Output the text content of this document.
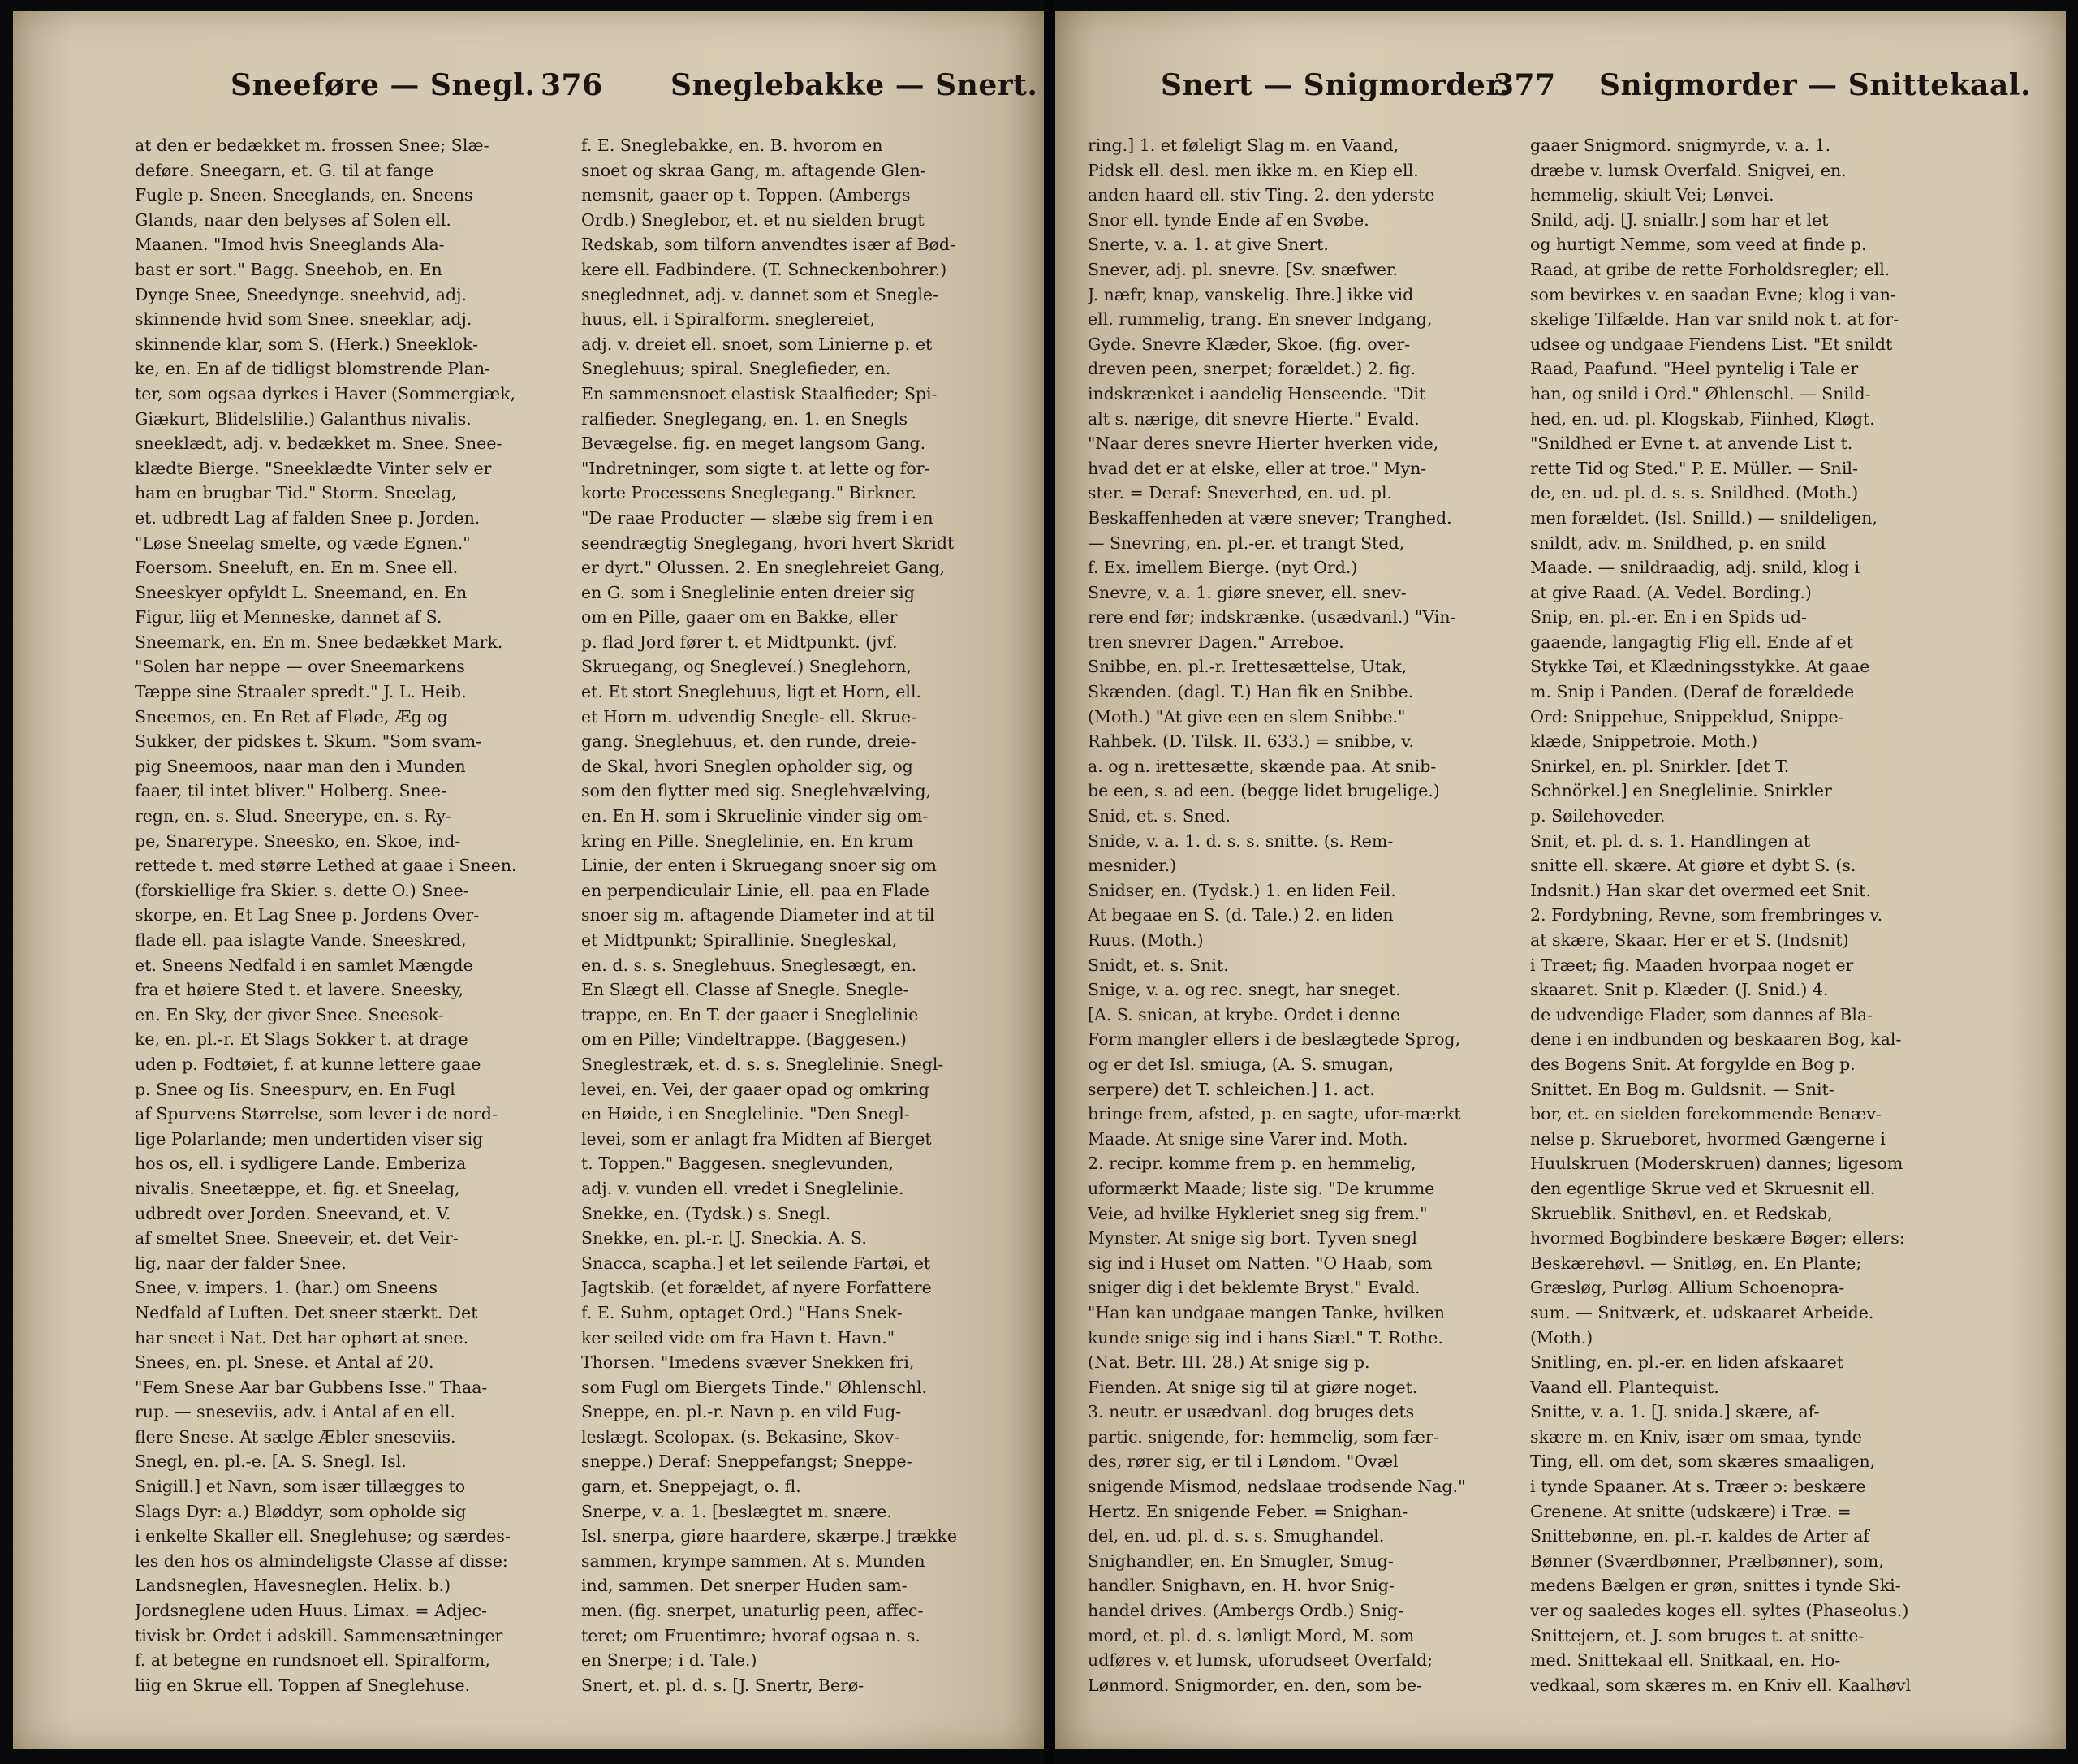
Sneeføre — Snegl. 376 Sneglebakke — Snert.
at den er bedækket m. frossen Snee; Slæ-
deføre. Sneegarn, et. G. til at fange
Fugle p. Sneen. Sneeglands, en. Sneens
Glands, naar den belyses af Solen ell.
Maanen. "Imod hvis Sneeglands Ala-
bast er sort." Bagg. Sneehob, en. En
Dynge Snee, Sneedynge. sneehvid, adj.
skinnende hvid som Snee. sneeklar, adj.
skinnende klar, som S. (Herk.) Sneeklok-
ke, en. En af de tidligst blomstrende Plan-
ter, som ogsaa dyrkes i Haver (Sommergiæk,
Giækurt, Blidelslilie.) Galanthus nivalis.
sneeklædt, adj. v. bedækket m. Snee. Snee-
klædte Bierge. "Sneeklædte Vinter selv er
ham en brugbar Tid." Storm. Sneelag,
et. udbredt Lag af falden Snee p. Jorden.
"Løse Sneelag smelte, og væde Egnen."
Foersom. Sneeluft, en. En m. Snee ell.
Sneeskyer opfyldt L. Sneemand, en. En
Figur, liig et Menneske, dannet af S.
Sneemark, en. En m. Snee bedækket Mark.
"Solen har neppe — over Sneemarkens
Tæppe sine Straaler spredt." J. L. Heib.
Sneemos, en. En Ret af Fløde, Æg og
Sukker, der pidskes t. Skum. "Som svam-
pig Sneemoos, naar man den i Munden
faaer, til intet bliver." Holberg. Snee-
regn, en. s. Slud. Sneerype, en. s. Ry-
pe, Snarerype. Sneesko, en. Skoe, ind-
rettede t. med større Lethed at gaae i Sneen.
(forskiellige fra Skier. s. dette O.) Snee-
skorpe, en. Et Lag Snee p. Jordens Over-
flade ell. paa islagte Vande. Sneeskred,
et. Sneens Nedfald i en samlet Mængde
fra et høiere Sted t. et lavere. Sneesky,
en. En Sky, der giver Snee. Sneesok-
ke, en. pl.-r. Et Slags Sokker t. at drage
uden p. Fodtøiet, f. at kunne lettere gaae
p. Snee og Iis. Sneespurv, en. En Fugl
af Spurvens Størrelse, som lever i de nord-
lige Polarlande; men undertiden viser sig
hos os, ell. i sydligere Lande. Emberiza
nivalis. Sneetæppe, et. fig. et Sneelag,
udbredt over Jorden. Sneevand, et. V.
af smeltet Snee. Sneeveir, et. det Veir-
lig, naar der falder Snee.
Snee, v. impers. 1. (har.) om Sneens
Nedfald af Luften. Det sneer stærkt. Det
har sneet i Nat. Det har ophørt at snee.
Snees, en. pl. Snese. et Antal af 20.
"Fem Snese Aar bar Gubbens Isse." Thaa-
rup. — sneseviis, adv. i Antal af en ell.
flere Snese. At sælge Æbler sneseviis.
Snegl, en. pl.-e. [A. S. Snegl. Isl.
Snigill.] et Navn, som især tillægges to
Slags Dyr: a.) Bløddyr, som opholde sig
i enkelte Skaller ell. Sneglehuse; og særdes-
les den hos os almindeligste Classe af disse:
Landsneglen, Havesneglen. Helix. b.)
Jordsneglene uden Huus. Limax. = Adjec-
tivisk br. Ordet i adskill. Sammensætninger
f. at betegne en rundsnoet ell. Spiralform,
liig en Skrue ell. Toppen af Sneglehuse.
f. E. Sneglebakke, en. B. hvorom en
snoet og skraa Gang, m. aftagende Glen-
nemsnit, gaaer op t. Toppen. (Ambergs
Ordb.) Sneglebor, et. et nu sielden brugt
Redskab, som tilforn anvendtes især af Bød-
kere ell. Fadbindere. (T. Schneckenbohrer.)
sneglednnet, adj. v. dannet som et Snegle-
huus, ell. i Spiralform. sneglereiet,
adj. v. dreiet ell. snoet, som Linierne p. et
Sneglehuus; spiral. Sneglefieder, en.
En sammensnoet elastisk Staalfieder; Spi-
ralfieder. Sneglegang, en. 1. en Snegls
Bevægelse. fig. en meget langsom Gang.
"Indretninger, som sigte t. at lette og for-
korte Processens Sneglegang." Birkner.
"De raae Producter — slæbe sig frem i en
seendrægtig Sneglegang, hvori hvert Skridt
er dyrt." Olussen. 2. En sneglehreiet Gang,
en G. som i Sneglelinie enten dreier sig
om en Pille, gaaer om en Bakke, eller
p. flad Jord fører t. et Midtpunkt. (jvf.
Skruegang, og Snegleveí.) Sneglehorn,
et. Et stort Sneglehuus, ligt et Horn, ell.
et Horn m. udvendig Snegle- ell. Skrue-
gang. Sneglehuus, et. den runde, dreie-
de Skal, hvori Sneglen opholder sig, og
som den flytter med sig. Sneglehvælving,
en. En H. som i Skruelinie vinder sig om-
kring en Pille. Sneglelinie, en. En krum
Linie, der enten i Skruegang snoer sig om
en perpendiculair Linie, ell. paa en Flade
snoer sig m. aftagende Diameter ind at til
et Midtpunkt; Spirallinie. Snegleskal,
en. d. s. s. Sneglehuus. Sneglesægt, en.
En Slægt ell. Classe af Snegle. Snegle-
trappe, en. En T. der gaaer i Sneglelinie
om en Pille; Vindeltrappe. (Baggesen.)
Sneglestræk, et. d. s. s. Sneglelinie. Snegl-
levei, en. Vei, der gaaer opad og omkring
en Høide, i en Sneglelinie. "Den Snegl-
levei, som er anlagt fra Midten af Bierget
t. Toppen." Baggesen. sneglevunden,
adj. v. vunden ell. vredet i Sneglelinie.
Snekke, en. (Tydsk.) s. Snegl.
Snekke, en. pl.-r. [J. Sneckia. A. S.
Snacca, scapha.] et let seilende Fartøi, et
Jagtskib. (et forældet, af nyere Forfattere
f. E. Suhm, optaget Ord.) "Hans Snek-
ker seiled vide om fra Havn t. Havn."
Thorsen. "Imedens svæver Snekken fri,
som Fugl om Biergets Tinde." Øhlenschl.
Sneppe, en. pl.-r. Navn p. en vild Fug-
leslægt. Scolopax. (s. Bekasine, Skov-
sneppe.) Deraf: Sneppefangst; Sneppe-
garn, et. Sneppejagt, o. fl.
Snerpe, v. a. 1. [beslægtet m. snære.
Isl. snerpa, giøre haardere, skærpe.] trække
sammen, krympe sammen. At s. Munden
ind, sammen. Det snerper Huden sam-
men. (fig. snerpet, unaturlig peen, affec-
teret; om Fruentimre; hvoraf ogsaa n. s.
en Snerpe; i d. Tale.)
Snert, et. pl. d. s. [J. Snertr, Berø-
Snert — Snigmorder.
377 Snigmorder — Snittekaal.
ring.] 1. et føleligt Slag m. en Vaand,
Pidsk ell. desl. men ikke m. en Kiep ell.
anden haard ell. stiv Ting. 2. den yderste
Snor ell. tynde Ende af en Svøbe.
Snerte, v. a. 1. at give Snert.
Snever, adj. pl. snevre. [Sv. snæfwer.
J. næfr, knap, vanskelig. Ihre.] ikke vid
ell. rummelig, trang. En snever Indgang,
Gyde. Snevre Klæder, Skoe. (fig. over-
dreven peen, snerpet; forældet.) 2. fig.
indskrænket i aandelig Henseende. "Dit
alt s. nærige, dit snevre Hierte." Evald.
"Naar deres snevre Hierter hverken vide,
hvad det er at elske, eller at troe." Myn-
ster. = Deraf: Sneverhed, en. ud. pl.
Beskaffenheden at være snever; Tranghed.
— Snevring, en. pl.-er. et trangt Sted,
f. Ex. imellem Bierge. (nyt Ord.)
Snevre, v. a. 1. giøre snever, ell. snev-
rere end før; indskrænke. (usædvanl.) "Vin-
tren snevrer Dagen." Arreboe.
Snibbe, en. pl.-r. Irettesættelse, Utak,
Skænden. (dagl. T.) Han fik en Snibbe.
(Moth.) "At give een en slem Snibbe."
Rahbek. (D. Tilsk. II. 633.) = snibbe, v.
a. og n. irettesætte, skænde paa. At snib-
be een, s. ad een. (begge lidet brugelige.)
Snid, et. s. Sned.
Snide, v. a. 1. d. s. s. snitte. (s. Rem-
mesnider.)
Snidser, en. (Tydsk.) 1. en liden Feil.
At begaae en S. (d. Tale.) 2. en liden
Ruus. (Moth.)
Snidt, et. s. Snit.
Snige, v. a. og rec. snegt, har sneget.
[A. S. snican, at krybe. Ordet i denne
Form mangler ellers i de beslægtede Sprog,
og er det Isl. smiuga, (A. S. smugan,
serpere) det T. schleichen.] 1. act.
bringe frem, afsted, p. en sagte, ufor-mærkt
Maade. At snige sine Varer ind. Moth.
2. recipr. komme frem p. en hemmelig,
uformærkt Maade; liste sig. "De krumme
Veie, ad hvilke Hykleriet sneg sig frem."
Mynster. At snige sig bort. Tyven snegl
sig ind i Huset om Natten. "O Haab, som
sniger dig i det beklemte Bryst." Evald.
"Han kan undgaae mangen Tanke, hvilken
kunde snige sig ind i hans Siæl." T. Rothe.
(Nat. Betr. III. 28.) At snige sig p.
Fienden. At snige sig til at giøre noget.
3. neutr. er usædvanl. dog bruges dets
partic. snigende, for: hemmelig, som fær-
des, rører sig, er til i Løndom. "Ovæl
snigende Mismod, nedslaae trodsende Nag."
Hertz. En snigende Feber. = Snighan-
del, en. ud. pl. d. s. s. Smughandel.
Snighandler, en. En Smugler, Smug-
handler. Snighavn, en. H. hvor Snig-
handel drives. (Ambergs Ordb.) Snig-
mord, et. pl. d. s. lønligt Mord, M. som
udføres v. et lumsk, uforudseet Overfald;
Lønmord. Snigmorder, en. den, som be-
gaaer Snigmord. snigmyrde, v. a. 1.
dræbe v. lumsk Overfald. Snigvei, en.
hemmelig, skiult Vei; Lønvei.
Snild, adj. [J. sniallr.] som har et let
og hurtigt Nemme, som veed at finde p.
Raad, at gribe de rette Forholdsregler; ell.
som bevirkes v. en saadan Evne; klog i van-
skelige Tilfælde. Han var snild nok t. at for-
udsee og undgaae Fiendens List. "Et snildt
Raad, Paafund. "Heel pyntelig i Tale er
han, og snild i Ord." Øhlenschl. — Snild-
hed, en. ud. pl. Klogskab, Fiinhed, Kløgt.
"Snildhed er Evne t. at anvende List t.
rette Tid og Sted." P. E. Müller. — Snil-
de, en. ud. pl. d. s. s. Snildhed. (Moth.)
men forældet. (Isl. Snilld.) — snildeligen,
snildt, adv. m. Snildhed, p. en snild
Maade. — snildraadig, adj. snild, klog i
at give Raad. (A. Vedel. Bording.)
Snip, en. pl.-er. En i en Spids ud-
gaaende, langagtig Flig ell. Ende af et
Stykke Tøi, et Klædningsstykke. At gaae
m. Snip i Panden. (Deraf de forældede
Ord: Snippehue, Snippeklud, Snippe-
klæde, Snippetroie. Moth.)
Snirkel, en. pl. Snirkler. [det T.
Schnörkel.] en Sneglelinie. Snirkler
p. Søilehoveder.
Snit, et. pl. d. s. 1. Handlingen at
snitte ell. skære. At giøre et dybt S. (s.
Indsnit.) Han skar det overmed eet Snit.
2. Fordybning, Revne, som frembringes v.
at skære, Skaar. Her er et S. (Indsnit)
i Træet; fig. Maaden hvorpaa noget er
skaaret. Snit p. Klæder. (J. Snid.) 4.
de udvendige Flader, som dannes af Bla-
dene i en indbunden og beskaaren Bog, kal-
des Bogens Snit. At forgylde en Bog p.
Snittet. En Bog m. Guldsnit. — Snit-
bor, et. en sielden forekommende Benæv-
nelse p. Skrueboret, hvormed Gængerne i
Huulskruen (Moderskruen) dannes; ligesom
den egentlige Skrue ved et Skruesnit ell.
Skrueblik. Snithøvl, en. et Redskab,
hvormed Bogbindere beskære Bøger; ellers:
Beskærehøvl. — Snitløg, en. En Plante;
Græsløg, Purløg. Allium Schoenopra-
sum. — Snitværk, et. udskaaret Arbeide.
(Moth.)
Snitling, en. pl.-er. en liden afskaaret
Vaand ell. Plantequist.
Snitte, v. a. 1. [J. snida.] skære, af-
skære m. en Kniv, især om smaa, tynde
Ting, ell. om det, som skæres smaaligen,
i tynde Spaaner. At s. Træer ɔ: beskære
Grenene. At snitte (udskære) i Træ. =
Snittebønne, en. pl.-r. kaldes de Arter af
Bønner (Sværdbønner, Prælbønner), som,
medens Bælgen er grøn, snittes i tynde Ski-
ver og saaledes koges ell. syltes (Phaseolus.)
Snittejern, et. J. som bruges t. at snitte-
med. Snittekaal ell. Snitkaal, en. Ho-
vedkaal, som skæres m. en Kniv ell. Kaalhøvl
